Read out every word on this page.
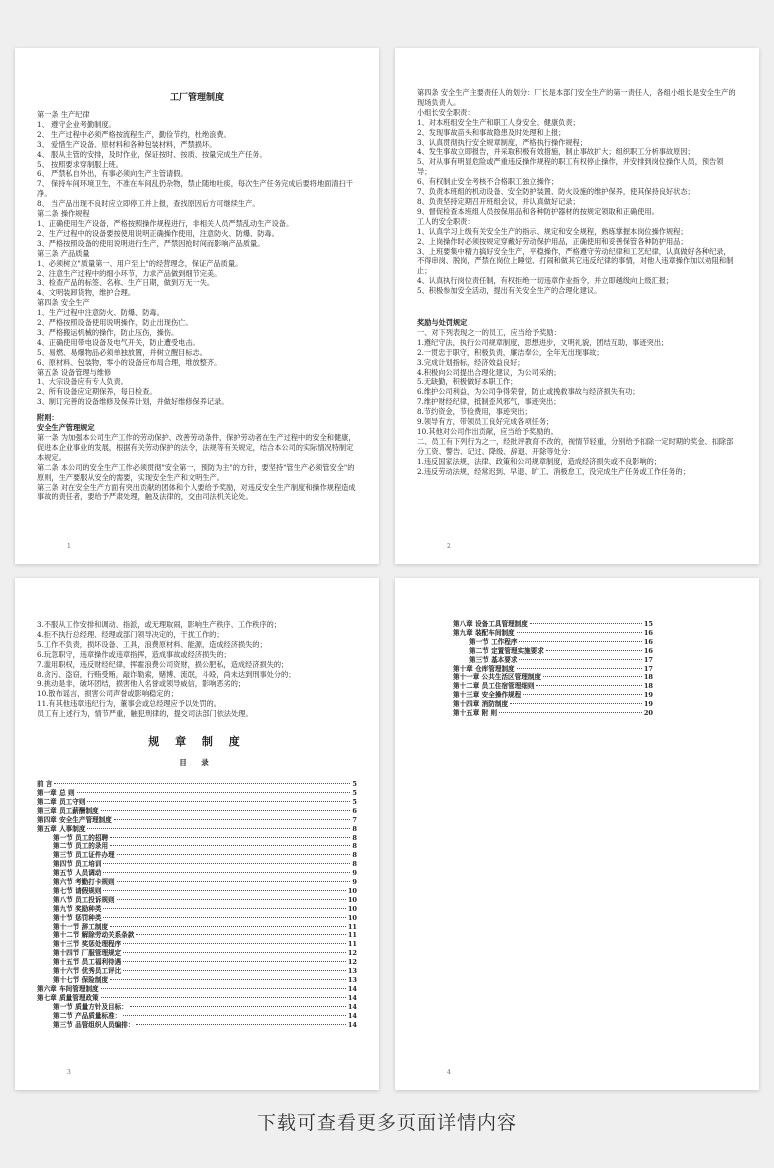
工厂管理制度
第一条 生产纪律
1、 遵守企业考勤制度。
2、 生产过程中必须严格按流程生产，勤俭节约，杜绝浪费。
3、 爱惜生产设备、原材料和各种包装材料，严禁损坏。
4、 服从主管的安排，及时作业，保证按时、按质、按量完成生产任务。
5、 按照要求穿制服上班。
6、 严禁私自外出，有事必须向生产主管请假。
7、 保持车间环境卫生，不准在车间乱扔杂物，禁止随地吐痰，每次生产任务完成后要将地面清扫干净。
8、 当产品出现不良时应立即停工并上报，查找原因后方可继续生产。
第二条 操作规程
1、正确使用生产设备，严格按照操作规程进行，非相关人员严禁乱动生产设备。
2、生产过程中的设备要按使用说明正确操作使用，注意防火、防爆、防毒。
3、严格按照设备的使用说明进行生产，严禁因抢时间而影响产品质量。
第三条 产品质量
1、必须树立"质量第一、用户至上"的经营理念，保证产品质量。
2、注意生产过程中的细小环节，力求产品做到细节完美。
3、检查产品的标签、名称、生产日期，做到万无一失。
4、文明装卸货物，维护合理。
第四条 安全生产
1、生产过程中注意防火、防爆、防毒。
2、严格按照设备使用说明操作，防止出现伤亡。
3、严格搬运机械的操作，防止压伤，操伤。
4、正确使用带电设备及电气开关，防止遭受电击。
5、易燃、易爆物品必须单独放置，并树立醒目标志。
6、原材料、包装物，零小的设备应布局合理，堆放整齐。
第五条 设备管理与维修
1、大宗设备应有专人负责。
2、所有设备应定期保养，每日检查。
3、制订完善的设备维修及保养计划，并做好维修保养记录。
附则：
安全生产管理规定
第一条 为加强本公司生产工作的劳动保护、改善劳动条件，保护劳动者在生产过程中的安全和健康，促进本企业事业的发展，根据有关劳动保护的法令，法规等有关规定，结合本公司的实际情况特制定本规定。
第二条 本公司的安全生产工作必须贯彻"安全第一，预防为主"的方针，要坚持"管生产必须管安全"的原则，生产要服从安全的需要，实现安全生产和文明生产。
第三条 对在安全生产方面有突出贡献的团体和个人要给予奖励，对违反安全生产制度和操作规程造成事故的责任者，要给予严肃处理，触及法律的，交由司法机关论处。
1
第四条 安全生产主要责任人的划分：厂长是本部门安全生产的第一责任人，各组小组长是安全生产的现场负责人。
小组长安全职责：
1、对本班组安全生产和职工人身安全、健康负责；
2、发现事故苗头和事故隐患及时处理和上报；
3、认真贯彻执行安全规章制度，严格执行操作规程；
4、发生事故立即报告，并采取积极有效措施，制止事故扩大；组织职工分析事故原因；
5、对从事有明显危险或严重违反操作规程的职工有权停止操作，并安排到岗位操作人员，预告领导；
6、有权制止安全考核不合格职工独立操作；
7、负责本班组的机动设备、安全防护装置、防火设施的维护保养，使其保持良好状态；
8、负责坚持定期召开班组会议，并认真做好记录；
9、督促检查本班组人员按保用品和各种防护器材的按规定领取和正确使用。
工人的安全职责：
1、认真学习上级有关安全生产的指示、规定和安全规程，熟练掌握本岗位操作规程；
2、上岗操作时必须按规定穿戴好劳动保护用品，正确使用和妥善保管各种防护用品；
3、上班要集中精力搞好安全生产，平稳操作，严格遵守劳动纪律和工艺纪律，认真做好各种纪录，不得串岗、脱岗，严禁在岗位上睡觉、打闹和做其它违反纪律的事情，对他人违章操作加以劝阻和制止；
4、认真执行岗位责任制，有权拒绝一切违章作业指令，并立即越级向上级汇报；
5、积极参加安全活动，提出有关安全生产的合理化建议。
奖励与处罚规定
一、对下列表现之一的员工，应当给予奖励：
1.遵纪守法，执行公司规章制度，思想进步，文明礼貌，团结互助，事迹突出；
2.一贯忠于职守，积极负责，廉洁奉公，全年无出现事故；
3.完成计划指标，经济效益良好；
4.积极向公司提出合理化建议，为公司采纳；
5.无缺勤，积极做好本职工作；
6.维护公司利益，为公司争得荣誉，防止或挽救事故与经济损失有功；
7.维护财经纪律，抵制歪风邪气，事迹突出；
8.节约资金，节俭费用，事迹突出；
9.领导有方，带领员工良好完成各项任务；
10.其他对公司作出贡献，应当给予奖励的。
二、员工有下列行为之一，经批评教育不改的，视情节轻重，分别给予扣除一定时期的奖金、扣除部分工资、警告、记过、降级、辞退、开除等处分：
1.违反国家法规，法律、政策和公司规章制度，造成经济损失或不良影响的；
2.违反劳动法规，经常迟到、早退、旷工、消极怠工，没完成生产任务或工作任务的；
2
3.不服从工作安排和调动、指派，或无理取闹，影响生产秩序、工作秩序的；
4.拒不执行总经理、经理或部门领导决定的，干扰工作的；
5.工作不负责，损坏设备、工具，浪费原材料、能源，造成经济损失的；
6.玩忽职守，违章操作或违章指挥，造成事故或经济损失的；
7.滥用职权，违反财经纪律，挥霍浪费公司资财，损公肥私，造成经济损失的；
8.贪污、盗窃，行贿受贿，敲诈勒索，赌博、流氓，斗殴，尚未达到刑事处分的；
9.挑动是非，破坏团结，损害他人名誉或领导威信，影响恶劣的；
10.散布谣言，损害公司声誉或影响稳定的；
11.有其他违章违纪行为，董事会或总经理应予以处罚的。
员工有上述行为，情节严重，触犯刑律的，提交司法部门依法处理。
规 章 制 度
目 录
前 言	5
第一章 总 则	5
第二章 员工守则	5
第三章 员工薪酬制度	6
第四章 安全生产管理制度	7
第五章 人事制度	8
第一节 员工的招聘	8
第二节 员工的录用	8
第三节 员工证件办理	8
第四节 员工培训	8
第五节 人员调动	9
第六节 考勤打卡规则	9
第七节 请假规则	10
第八节 员工投诉规则	10
第九节 奖励种类	10
第十节 惩罚种类	10
第十一节 辞工制度	11
第十二节 解除劳动关系条款	11
第十三节 奖惩处理程序	11
第十四节 厂服管理规定	12
第十五节 员工福利待遇	12
第十六节 优秀员工评比	13
第十七节 保险制度	13
第六章 车间管理制度	14
第七章 质量管理政策	14
第一节 质量方针及目标：	14
第二节 产品质量标准：	14
第三节 品管组织人员编排：	14
3
第八章 设备工具管理制度	15
第九章 装配车间制度	16
第一节 工作程序	16
第二节 定置管理实施要求	16
第三节 基本要求	17
第十章 仓库管理制度	17
第十一章 公共生活区管理制度	18
第十二章 员工住宿管理细则	18
第十三章 安全操作规程	19
第十四章 消防制度	19
第十五章 附 则	20
4
下载可查看更多页面详情内容
